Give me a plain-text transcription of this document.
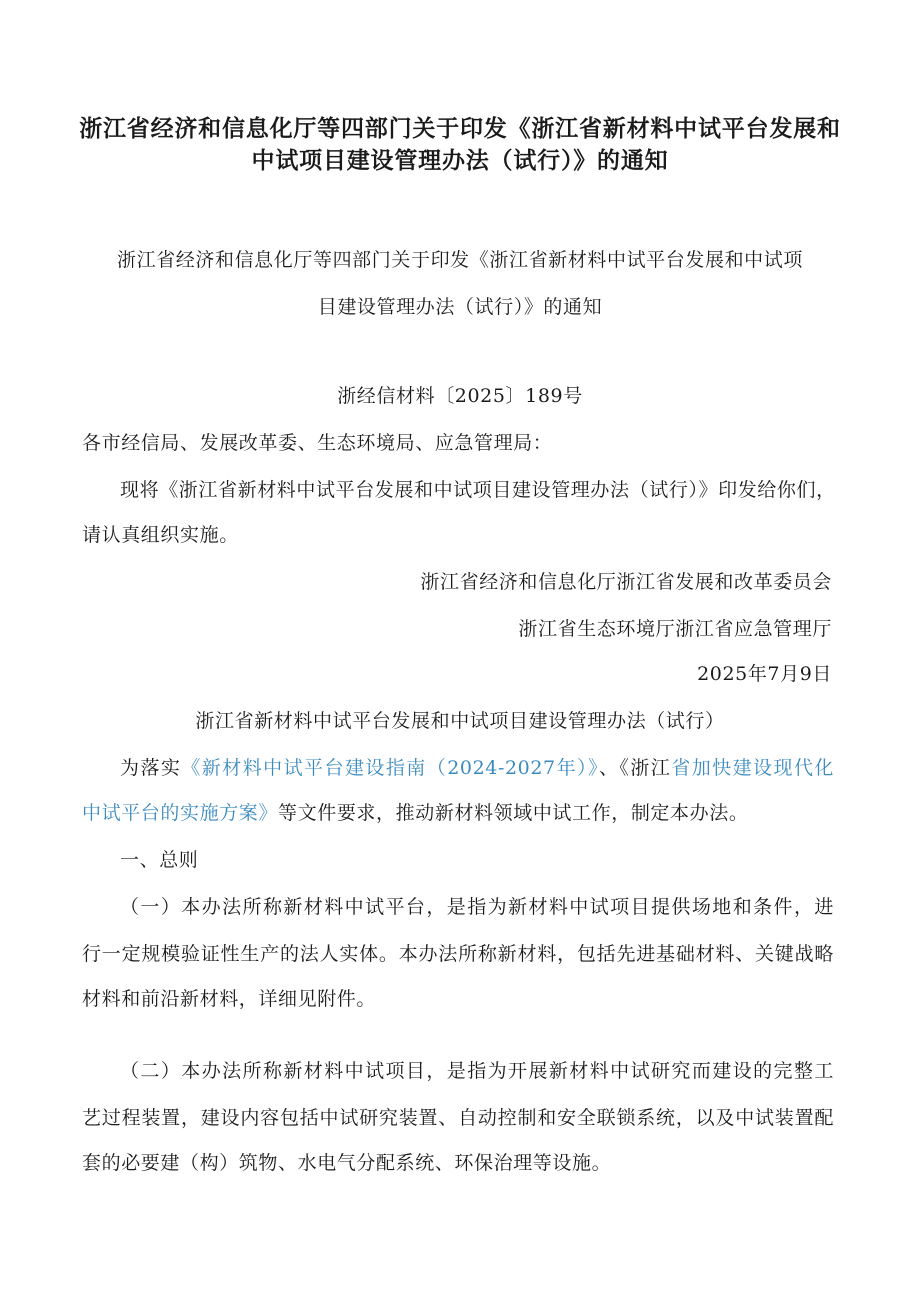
浙江省经济和信息化厅等四部门关于印发《浙江省新材料中试平台发展和
中试项目建设管理办法（试行）》的通知
浙江省经济和信息化厅等四部门关于印发《浙江省新材料中试平台发展和中试项
目建设管理办法（试行）》的通知
浙经信材料〔2025〕189号
各市经信局、发展改革委、生态环境局、应急管理局：
现将《浙江省新材料中试平台发展和中试项目建设管理办法（试行）》印发给你们，
请认真组织实施。
浙江省经济和信息化厅浙江省发展和改革委员会
浙江省生态环境厅浙江省应急管理厅
2025年7月9日
浙江省新材料中试平台发展和中试项目建设管理办法（试行）
为落实《新材料中试平台建设指南（2024-2027年）》、《浙江省加快建设现代化
中试平台的实施方案》等文件要求，推动新材料领域中试工作，制定本办法。
一、总则
（一）本办法所称新材料中试平台，是指为新材料中试项目提供场地和条件，进
行一定规模验证性生产的法人实体。本办法所称新材料，包括先进基础材料、关键战略
材料和前沿新材料，详细见附件。
（二）本办法所称新材料中试项目，是指为开展新材料中试研究而建设的完整工
艺过程装置，建设内容包括中试研究装置、自动控制和安全联锁系统，以及中试装置配
套的必要建（构）筑物、水电气分配系统、环保治理等设施。
